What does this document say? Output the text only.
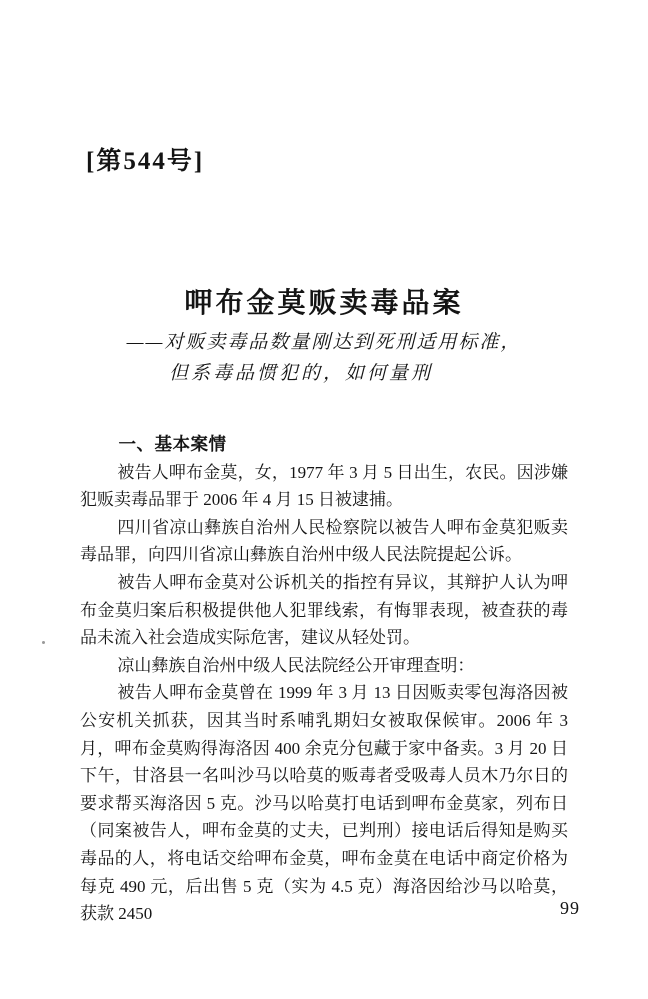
[第544号]
呷布金莫贩卖毒品案
——对贩卖毒品数量刚达到死刑适用标准，
但系毒品惯犯的，如何量刑
一、基本案情

被告人呷布金莫，女，1977 年 3 月 5 日出生，农民。因涉嫌犯贩卖毒品罪于 2006 年 4 月 15 日被逮捕。

四川省凉山彝族自治州人民检察院以被告人呷布金莫犯贩卖毒品罪，向四川省凉山彝族自治州中级人民法院提起公诉。

被告人呷布金莫对公诉机关的指控有异议，其辩护人认为呷布金莫归案后积极提供他人犯罪线索，有悔罪表现，被查获的毒品未流入社会造成实际危害，建议从轻处罚。

凉山彝族自治州中级人民法院经公开审理查明：

被告人呷布金莫曾在 1999 年 3 月 13 日因贩卖零包海洛因被公安机关抓获，因其当时系哺乳期妇女被取保候审。2006 年 3 月，呷布金莫购得海洛因 400 余克分包藏于家中备卖。3 月 20 日下午，甘洛县一名叫沙马以哈莫的贩毒者受吸毒人员木乃尔日的要求帮买海洛因 5 克。沙马以哈莫打电话到呷布金莫家，列布日（同案被告人，呷布金莫的丈夫，已判刑）接电话后得知是购买毒品的人，将电话交给呷布金莫，呷布金莫在电话中商定价格为每克 490 元，后出售 5 克（实为 4.5 克）海洛因给沙马以哈莫，获款 2450	99
